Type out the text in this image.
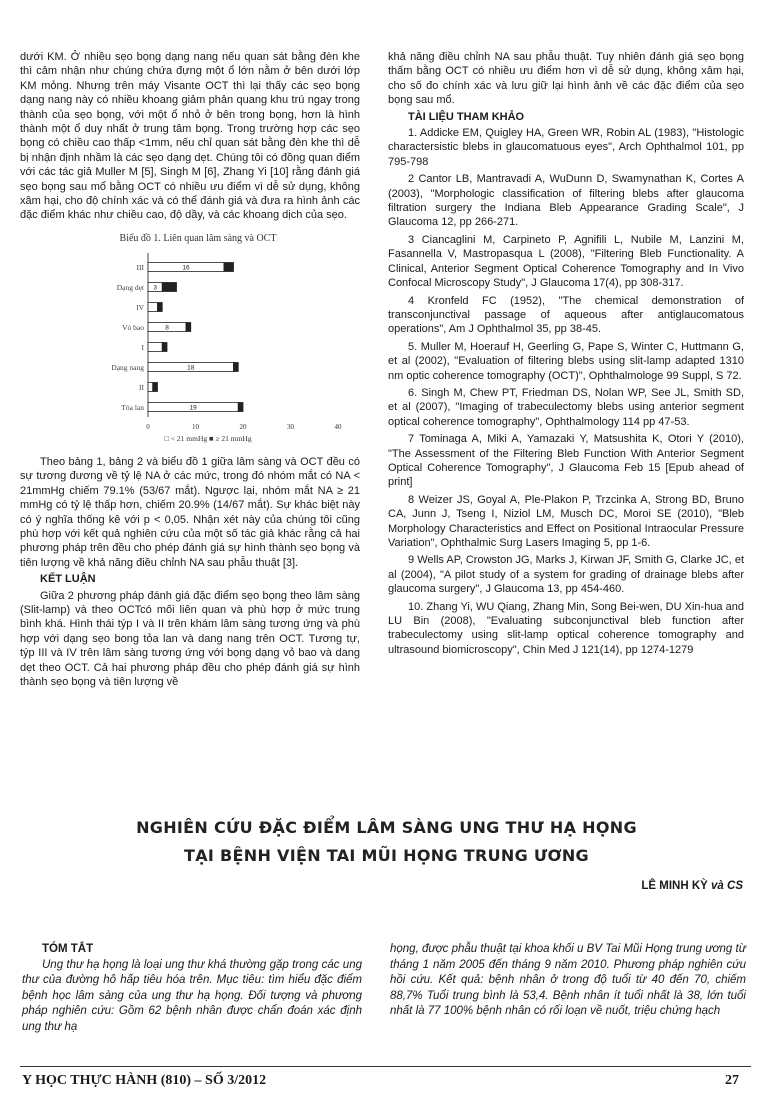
dưới KM. Ở nhiều sẹo bọng dạng nang nếu quan sát bằng đèn khe thì cảm nhận như chúng chứa đựng một ổ lớn nằm ở bên dưới lớp KM mỏng. Nhưng trên máy Visante OCT thì lại thấy các sẹo bọng dạng nang này có nhiều khoang giảm phản quang khu trú ngay trong thành của sẹo bọng, với một ổ nhỏ ở bên trong bọng, hơn là hình thành một ổ duy nhất ở trung tâm bọng. Trong trường hợp các sẹo bọng có chiều cao thấp <1mm, nếu chỉ quan sát bằng đèn khe thì dễ bị nhận định nhầm là các sẹo dạng dẹt. Chúng tôi có đồng quan điểm với các tác giả Muller M [5], Singh M [6], Zhang Yi [10] rằng đánh giá sẹo bọng sau mổ bằng OCT có nhiều ưu điểm vì dễ sử dụng, không xâm hại, cho độ chính xác và có thể đánh giá và đưa ra hình ảnh các đặc điểm khác như chiều cao, độ dầy, và các khoang dịch của sẹo.

Biểu đồ 1. Liên quan lâm sàng và OCT
III	16
Dạng dẹt 3
IV
Vỏ bao	8
I
Dạng nang	18
II
Tỏa lan	19
0	10	20	30	40
□ < 21 mmHg ■ ≥ 21 mmHg

Theo bảng 1, bảng 2 và biểu đồ 1 giữa lâm sàng và OCT đều có sự tương đương về tỷ lệ NA ở các mức, trong đó nhóm mắt có NA < 21mmHg chiếm 79.1% (53/67 mắt). Ngược lại, nhóm mắt NA ≥ 21 mmHg có tỷ lệ thấp hơn, chiếm 20.9% (14/67 mắt). Sự khác biệt này có ý nghĩa thống kê với p < 0,05. Nhận xét này của chúng tôi cũng phù hợp với kết quả nghiên cứu của một số tác giả khác rằng cả hai phương pháp trên đều cho phép đánh giá sự hình thành sẹo bọng và tiên lượng về khả năng điều chỉnh NA sau phẫu thuật [3].

KẾT LUẬN

Giữa 2 phương pháp đánh giá đặc điểm sẹo bọng theo lâm sàng (Slit-lamp) và theo OCTcó mối liên quan và phù hợp ở mức trung bình khá. Hình thái týp I và II trên khám lâm sàng tương ứng và phù hợp với dạng sẹo bong tỏa lan và dang nang trên OCT. Tương tự, týp III và IV trên lâm sàng tương ứng với bọng dạng vỏ bao và dang dẹt theo OCT. Cả hai phương pháp đều cho phép đánh giá sự hình thành sẹo bọng và tiên lượng về

khả năng điều chỉnh NA sau phẫu thuật. Tuy nhiên đánh giá sẹo bọng thấm bằng OCT có nhiều ưu điểm hơn vì dễ sử dụng, không xâm hại, cho số đo chính xác và lưu giữ lại hình ảnh về các đặc điểm của sẹo bọng sau mổ.

TÀI LIỆU THAM KHẢO

1. Addicke EM, Quigley HA, Green WR, Robin AL (1983), "Histologic charactersistic blebs in glaucomatuous eyes", Arch Ophthalmol 101, pp 795-798

2 Cantor LB, Mantravadi A, WuDunn D, Swamynathan K, Cortes A (2003), "Morphologic classification of filtering blebs after glaucoma filtration surgery the Indiana Bleb Appearance Grading Scale", J Glaucoma 12, pp 266-271.

3 Ciancaglini M, Carpineto P, Agnifili L, Nubile M, Lanzini M, Fasannella V, Mastropasqua L (2008), "Filtering Bleb Functionality. A Clinical, Anterior Segment Optical Coherence Tomography and In Vivo Confocal Microscopy Study", J Glaucoma 17(4), pp 308-317.

4 Kronfeld FC (1952), "The chemical demonstration of transconjunctival passage of aqueous after antiglaucomatous operations", Am J Ophthalmol 35, pp 38-45.

5. Muller M, Hoerauf H, Geerling G, Pape S, Winter C, Huttmann G, et al (2002), "Evaluation of filtering blebs using slit-lamp adapted 1310 nm optic coherence tomography (OCT)", Ophthalmologe 99 Suppl, S 72.

6. Singh M, Chew PT, Friedman DS, Nolan WP, See JL, Smith SD, et al (2007), "Imaging of trabeculectomy blebs using anterior segment optical coherence tomography", Ophthalmology 114 pp 47-53.

7 Tominaga A, Miki A, Yamazaki Y, Matsushita K, Otori Y (2010), "The Assessment of the Filtering Bleb Function With Anterior Segment Optical Coherence Tomography", J Glaucoma Feb 15 [Epub ahead of print]

8 Weizer JS, Goyal A, Ple-Plakon P, Trzcinka A, Strong BD, Bruno CA, Junn J, Tseng I, Niziol LM, Musch DC, Moroi SE (2010), "Bleb Morphology Characteristics and Effect on Positional Intraocular Pressure Variation", Ophthalmic Surg Lasers Imaging 5, pp 1-6.

9 Wells AP, Crowston JG, Marks J, Kirwan JF, Smith G, Clarke JC, et al (2004), "A pilot study of a system for grading of drainage blebs after glaucoma surgery", J Glaucoma 13, pp 454-460.

10. Zhang Yi, WU Qiang, Zhang Min, Song Bei-wen, DU Xin-hua and LU Bin (2008), "Evaluating subconjunctival bleb function after trabeculectomy using slit-lamp optical coherence tomography and ultrasound biomicroscopy", Chin Med J 121(14), pp 1274-1279

NGHIÊN CỨU ĐẶC ĐIỂM LÂM SÀNG UNG THƯ HẠ HỌNG
TẠI BỆNH VIỆN TAI MŨI HỌNG TRUNG ƯƠNG
LÊ MINH KỲ và CS
TÓM TẮT
Ung thư hạ họng là loại ung thư khá thường gặp trong các ung thư của đường hô hấp tiêu hóa trên. Mục tiêu: tìm hiểu đặc điểm bệnh học lâm sàng của ung thư hạ họng. Đối tượng và phương pháp nghiên cứu: Gồm 62 bệnh nhân được chẩn đoán xác định ung thư hạ
họng, được phẫu thuật tại khoa khối u BV Tai Mũi Họng trung ương từ tháng 1 năm 2005 đến tháng 9 năm 2010. Phương pháp nghiên cứu hồi cứu. Kết quả: bệnh nhân ở trong độ tuổi từ 40 đến 70, chiếm 88,7% Tuổi trung bình là 53,4. Bệnh nhân ít tuổi nhất là 38, lớn tuổi nhất là 77 100% bệnh nhân có rối loạn về nuốt, triệu chứng hạch
Y HỌC THỰC HÀNH (810) – SỐ 3/2012	27
